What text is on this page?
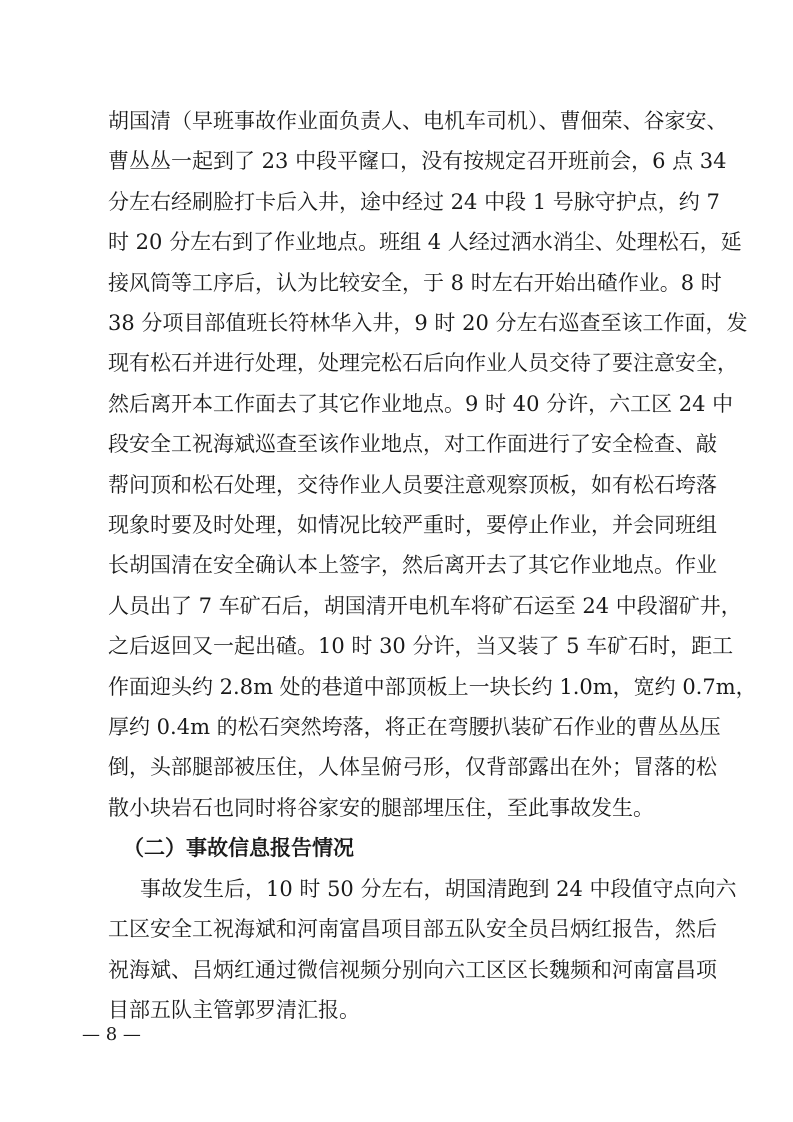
胡国清（早班事故作业面负责人、电机车司机）、曹佃荣、谷家安、
曹丛丛一起到了 23 中段平窿口，没有按规定召开班前会，6 点 34
分左右经刷脸打卡后入井，途中经过 24 中段 1 号脉守护点，约 7
时 20 分左右到了作业地点。班组 4 人经过洒水消尘、处理松石，延
接风筒等工序后，认为比较安全，于 8 时左右开始出碴作业。8 时
38 分项目部值班长符林华入井，9 时 20 分左右巡查至该工作面，发
现有松石并进行处理，处理完松石后向作业人员交待了要注意安全，
然后离开本工作面去了其它作业地点。9 时 40 分许，六工区 24 中
段安全工祝海斌巡查至该作业地点，对工作面进行了安全检查、敲
帮问顶和松石处理，交待作业人员要注意观察顶板，如有松石垮落
现象时要及时处理，如情况比较严重时，要停止作业，并会同班组
长胡国清在安全确认本上签字，然后离开去了其它作业地点。作业
人员出了 7 车矿石后，胡国清开电机车将矿石运至 24 中段溜矿井，
之后返回又一起出碴。10 时 30 分许，当又装了 5 车矿石时，距工
作面迎头约 2.8m 处的巷道中部顶板上一块长约 1.0m，宽约 0.7m，
厚约 0.4m 的松石突然垮落，将正在弯腰扒装矿石作业的曹丛丛压
倒，头部腿部被压住，人体呈俯弓形，仅背部露出在外；冒落的松
散小块岩石也同时将谷家安的腿部埋压住，至此事故发生。
（二）事故信息报告情况
事故发生后，10 时 50 分左右，胡国清跑到 24 中段值守点向六
工区安全工祝海斌和河南富昌项目部五队安全员吕炳红报告，然后
祝海斌、吕炳红通过微信视频分别向六工区区长魏频和河南富昌项
目部五队主管郭罗清汇报。
— 8 —
